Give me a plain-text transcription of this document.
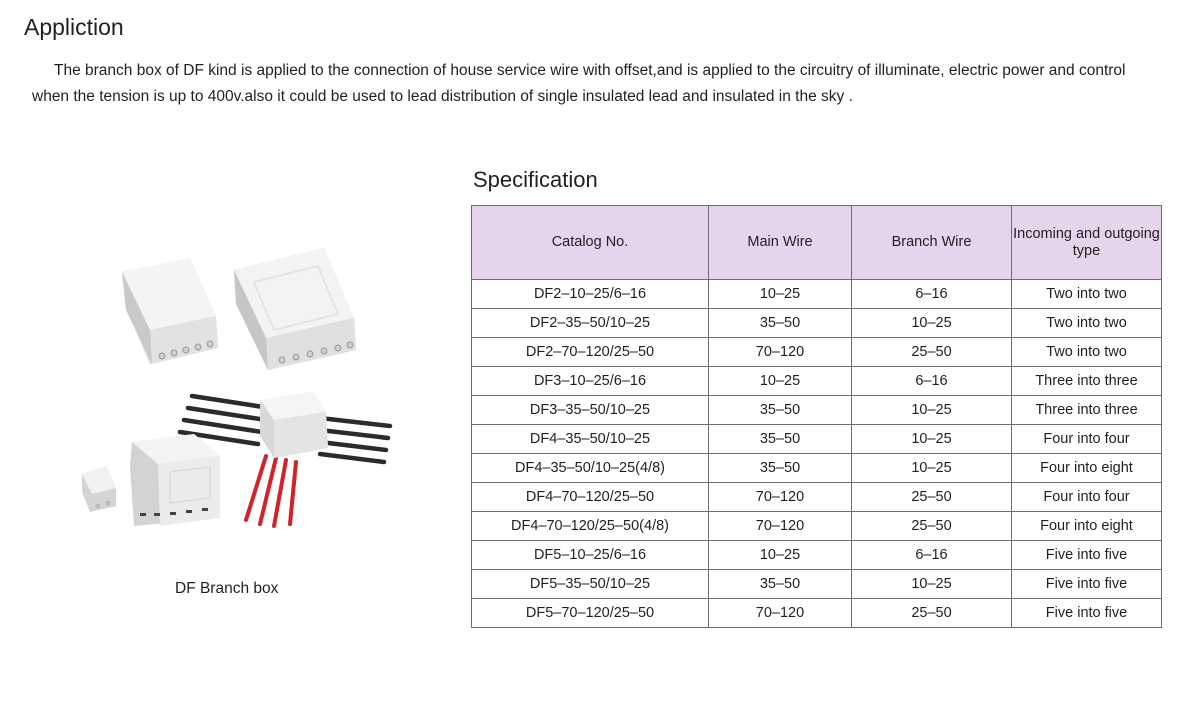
Appliction

The branch box of DF kind is applied to the connection of house service wire with offset,and is applied to the circuitry of illuminate, electric power and control when the tension is up to 400v.also it could be used to lead distribution of single insulated lead and insulated in the sky .

DF Branch box
Specification
Catalog No.	Main Wire	Branch Wire	Incoming and outgoing type
DF2–10–25/6–16	10–25	6–16	Two into two
DF2–35–50/10–25	35–50	10–25	Two into two
DF2–70–120/25–50	70–120	25–50	Two into two
DF3–10–25/6–16	10–25	6–16	Three into three
DF3–35–50/10–25	35–50	10–25	Three into three
DF4–35–50/10–25	35–50	10–25	Four into four
DF4–35–50/10–25(4/8)	35–50	10–25	Four into eight
DF4–70–120/25–50	70–120	25–50	Four into four
DF4–70–120/25–50(4/8)	70–120	25–50	Four into eight
DF5–10–25/6–16	10–25	6–16	Five into five
DF5–35–50/10–25	35–50	10–25	Five into five
DF5–70–120/25–50	70–120	25–50	Five into five
